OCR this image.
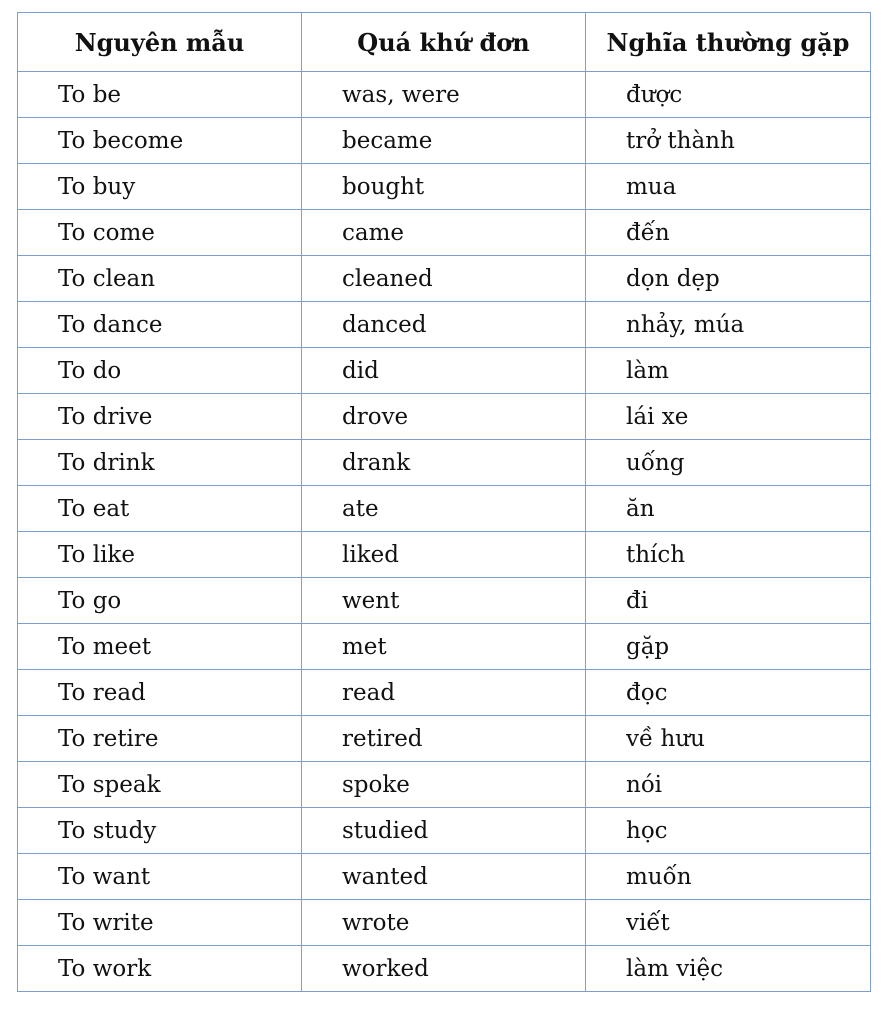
Nguyên mẫu	Quá khứ đơn	Nghĩa thường gặp
To be	was, were	được
To become	became	trở thành
To buy	bought	mua
To come	came	đến
To clean	cleaned	dọn dẹp
To dance	danced	nhảy, múa
To do	did	làm
To drive	drove	lái xe
To drink	drank	uống
To eat	ate	ăn
To like	liked	thích
To go	went	đi
To meet	met	gặp
To read	read	đọc
To retire	retired	về hưu
To speak	spoke	nói
To study	studied	học
To want	wanted	muốn
To write	wrote	viết
To work	worked	làm việc
